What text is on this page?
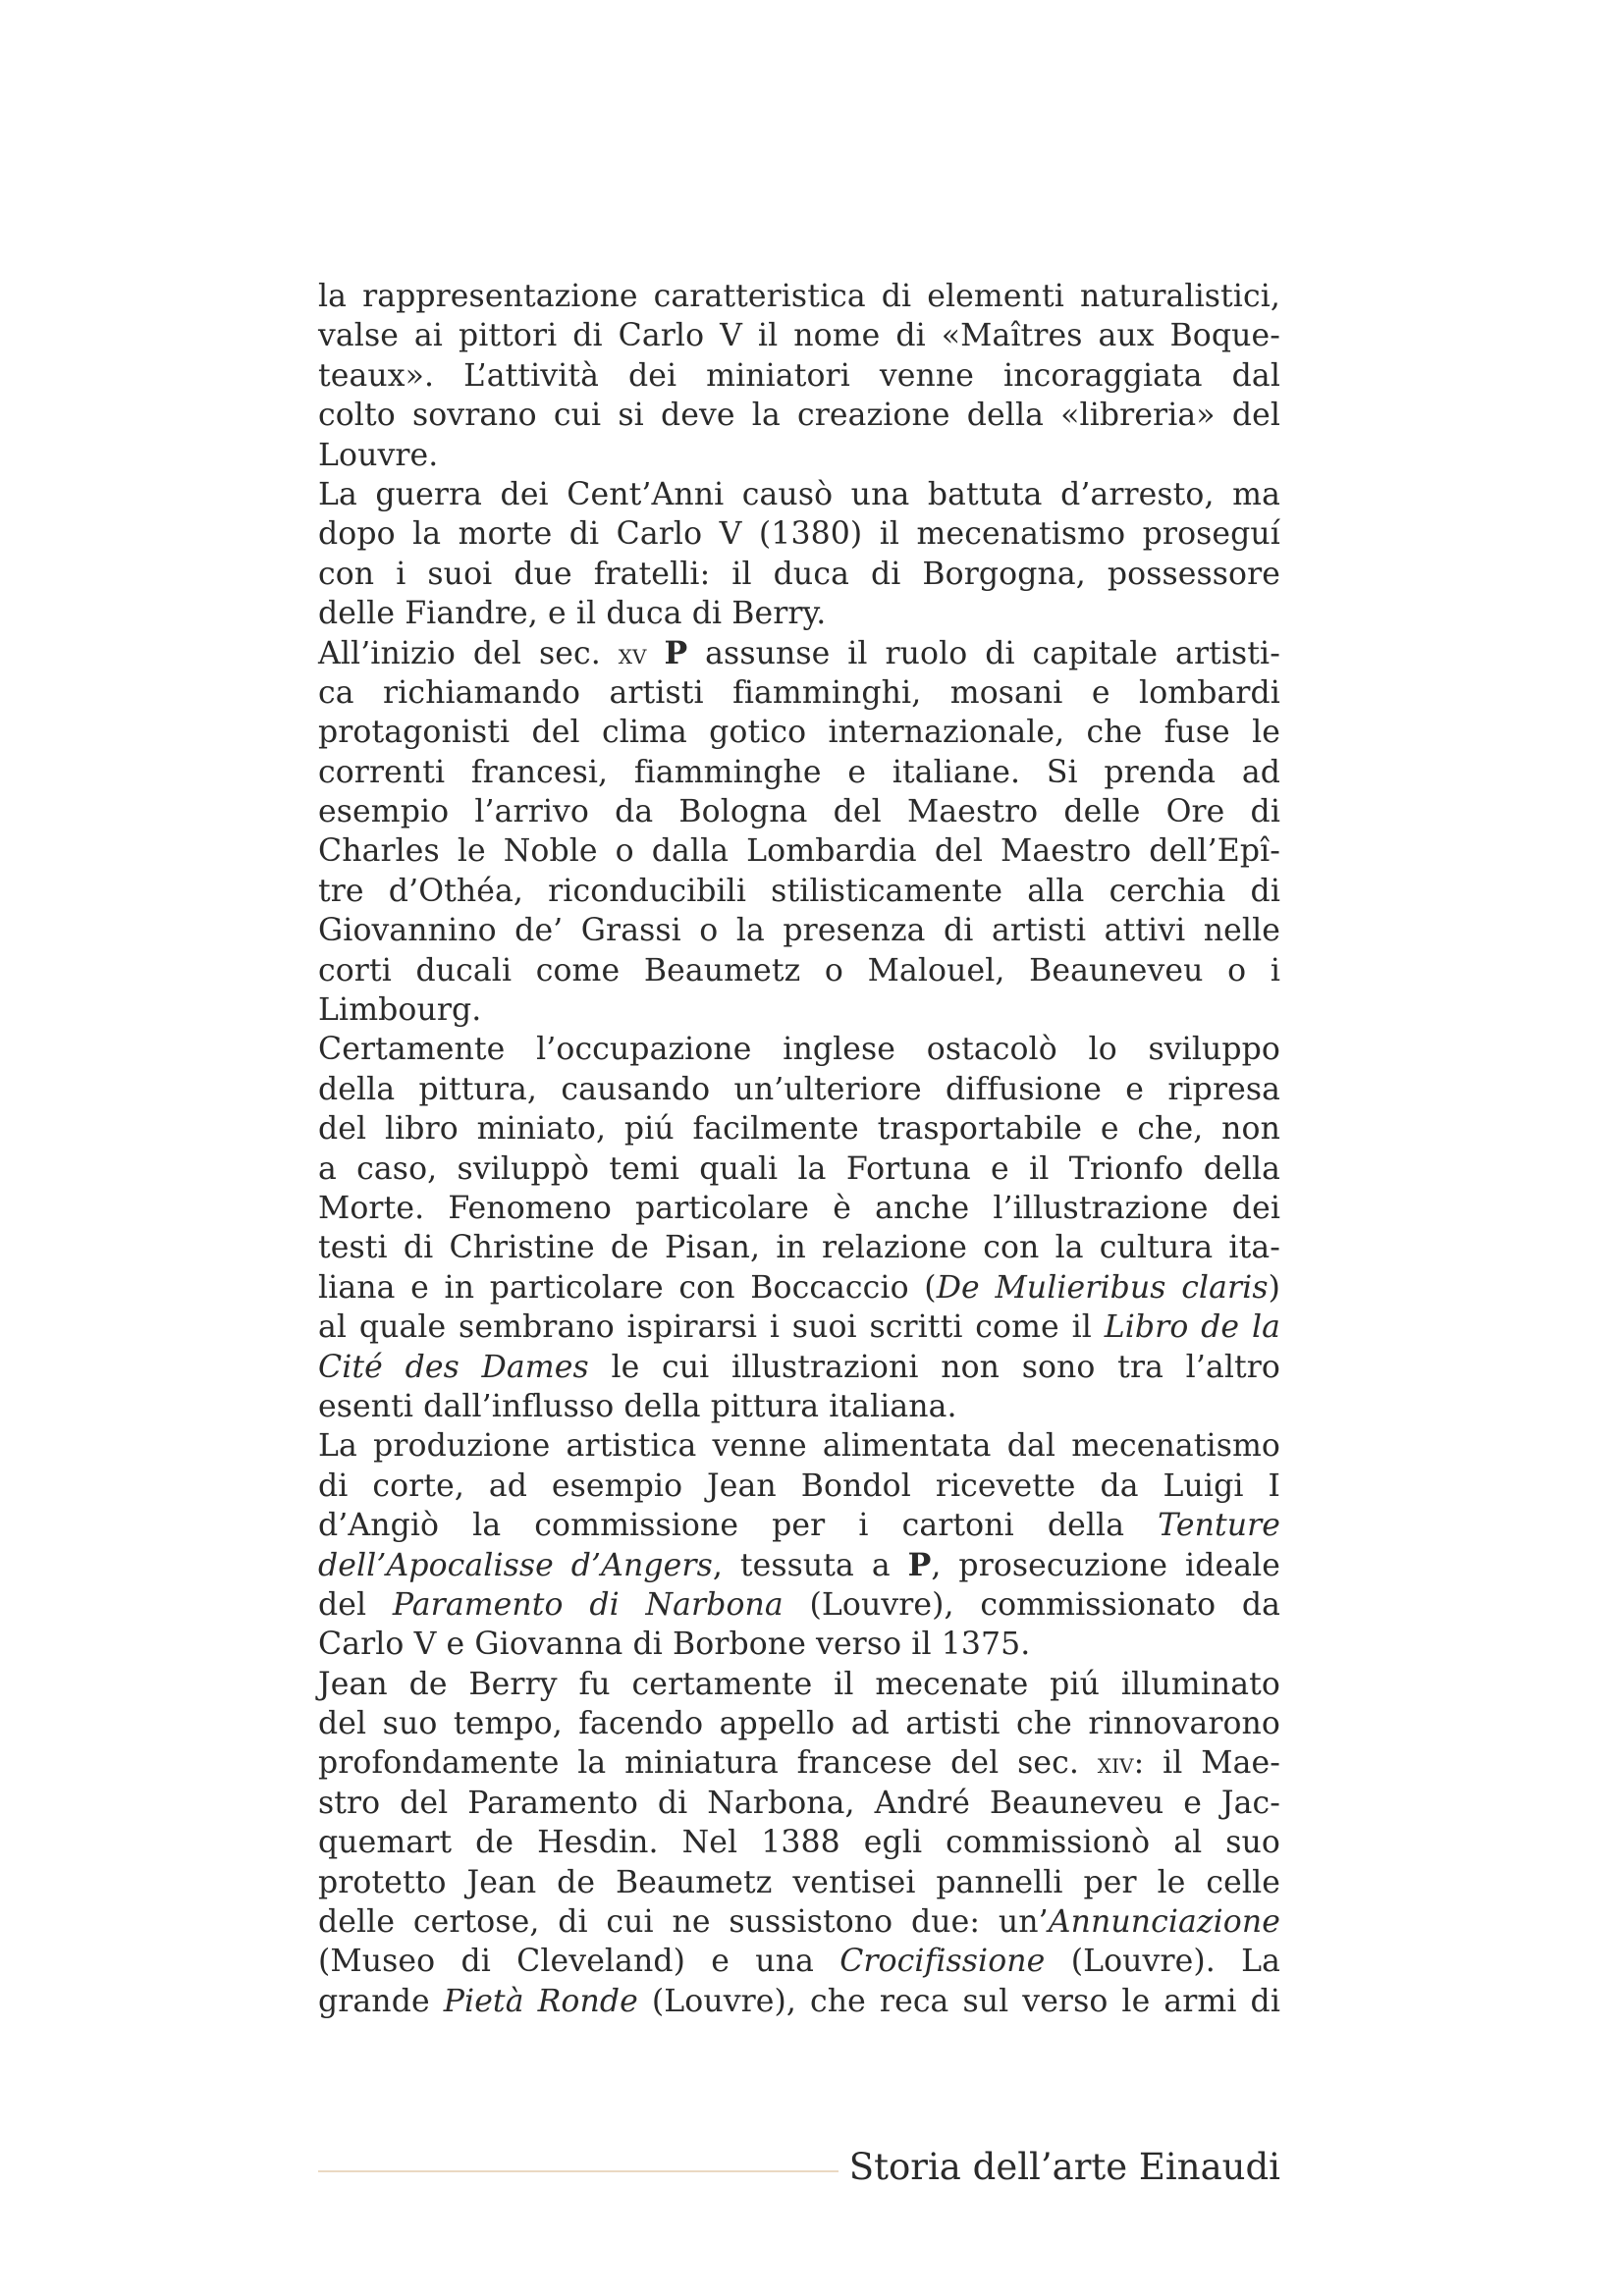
la rappresentazione caratteristica di elementi naturalistici,
valse ai pittori di Carlo V il nome di «Maîtres aux Boque-
teaux». L’attività dei miniatori venne incoraggiata dal
colto sovrano cui si deve la creazione della «libreria» del
Louvre.
La guerra dei Cent’Anni causò una battuta d’arresto, ma
dopo la morte di Carlo V (1380) il mecenatismo proseguí
con i suoi due fratelli: il duca di Borgogna, possessore
delle Fiandre, e il duca di Berry.
All’inizio del sec. xv P assunse il ruolo di capitale artisti-
ca richiamando artisti fiamminghi, mosani e lombardi
protagonisti del clima gotico internazionale, che fuse le
correnti francesi, fiamminghe e italiane. Si prenda ad
esempio l’arrivo da Bologna del Maestro delle Ore di
Charles le Noble o dalla Lombardia del Maestro dell’Epî-
tre d’Othéa, riconducibili stilisticamente alla cerchia di
Giovannino de’ Grassi o la presenza di artisti attivi nelle
corti ducali come Beaumetz o Malouel, Beauneveu o i
Limbourg.
Certamente l’occupazione inglese ostacolò lo sviluppo
della pittura, causando un’ulteriore diffusione e ripresa
del libro miniato, piú facilmente trasportabile e che, non
a caso, sviluppò temi quali la Fortuna e il Trionfo della
Morte. Fenomeno particolare è anche l’illustrazione dei
testi di Christine de Pisan, in relazione con la cultura ita-
liana e in particolare con Boccaccio (De Mulieribus claris)
al quale sembrano ispirarsi i suoi scritti come il Libro de la
Cité des Dames le cui illustrazioni non sono tra l’altro
esenti dall’influsso della pittura italiana.
La produzione artistica venne alimentata dal mecenatismo
di corte, ad esempio Jean Bondol ricevette da Luigi I
d’Angiò la commissione per i cartoni della Tenture
dell’Apocalisse d’Angers, tessuta a P, prosecuzione ideale
del Paramento di Narbona (Louvre), commissionato da
Carlo V e Giovanna di Borbone verso il 1375.
Jean de Berry fu certamente il mecenate piú illuminato
del suo tempo, facendo appello ad artisti che rinnovarono
profondamente la miniatura francese del sec. xiv: il Mae-
stro del Paramento di Narbona, André Beauneveu e Jac-
quemart de Hesdin. Nel 1388 egli commissionò al suo
protetto Jean de Beaumetz ventisei pannelli per le celle
delle certose, di cui ne sussistono due: un’Annunciazione
(Museo di Cleveland) e una Crocifissione (Louvre). La
grande Pietà Ronde (Louvre), che reca sul verso le armi di
Storia dell’arte Einaudi
